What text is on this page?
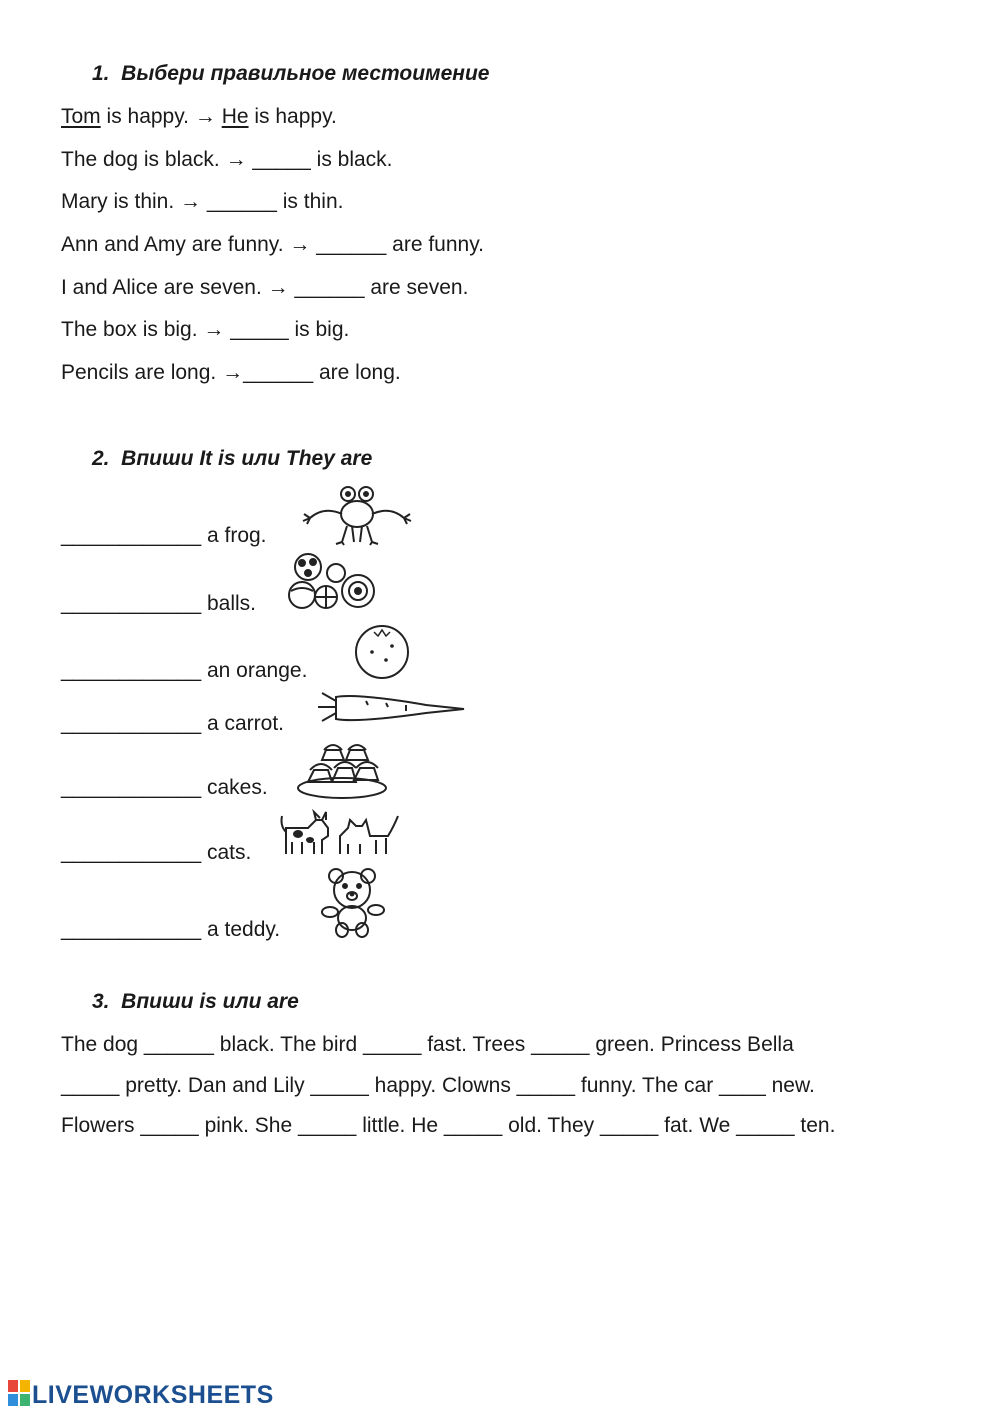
1.  Выбери правильное местоимение
Tom is happy. → He is happy.
The dog is black. → _____ is black.
Mary is thin. → ______ is thin.
Ann and Amy are funny. → ______ are funny.
I and Alice are seven. → ______ are seven.
The box is big. → _____ is big.
Pencils are long. →______ are long.
2.  Впиши It is или They are
____________ a frog.
____________ balls.
____________ an orange.
____________ a carrot.
____________ cakes.
____________ cats.
____________ a teddy.
3.  Впиши is или are
The dog ______ black. The bird _____ fast. Trees _____ green. Princess Bella
_____ pretty. Dan and Lily _____ happy. Clowns _____ funny. The car ____ new.
Flowers _____ pink. She _____ little. He _____ old. They _____ fat. We _____ ten.
LIVEWORKSHEETS
